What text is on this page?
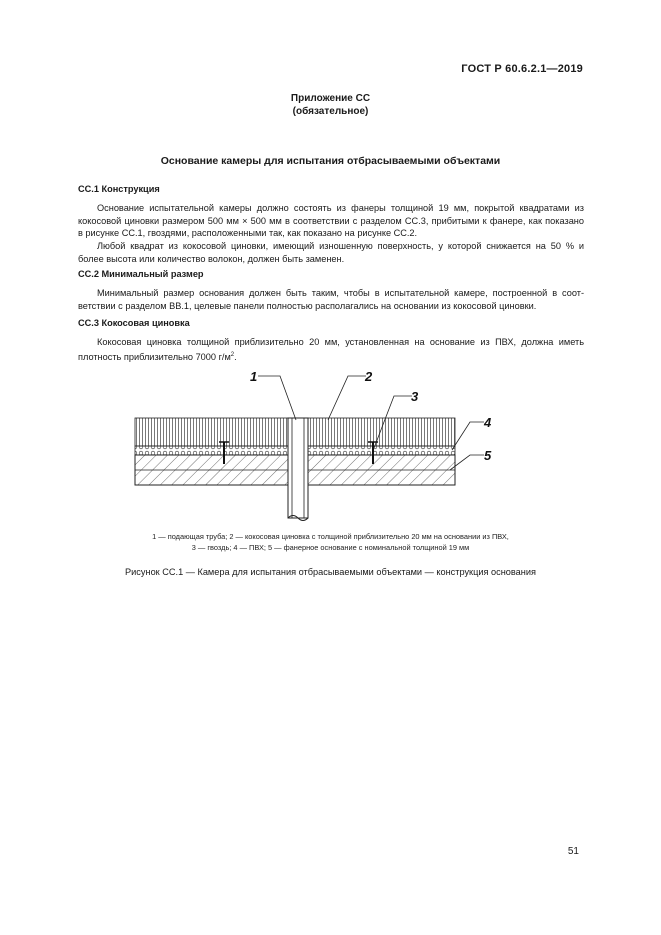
ГОСТ Р 60.6.2.1—2019
Приложение СС
(обязательное)
Основание камеры для испытания отбрасываемыми объектами
СС.1 Конструкция
Основание испытательной камеры должно состоять из фанеры толщиной 19 мм, покрытой квадратами из
кокосовой циновки размером 500 мм × 500 мм в соответствии с разделом СС.3, прибитыми к фанере, как показано
в рисунке СС.1, гвоздями, расположенными так, как показано на рисунке СС.2.
Любой квадрат из кокосовой циновки, имеющий изношенную поверхность, у которой снижается на 50 % и
более высота или количество волокон, должен быть заменен.
СС.2 Минимальный размер
Минимальный размер основания должен быть таким, чтобы в испытательной камере, построенной в соот-
ветствии с разделом ВВ.1, целевые панели полностью располагались на основании из кокосовой циновки.
СС.3 Кокосовая циновка
Кокосовая циновка толщиной приблизительно 20 мм, установленная на основание из ПВХ, должна иметь
плотность приблизительно 7000 $г/м^2$.
1	2
3
4
5
1 — подающая труба; 2 — кокосовая циновка с толщиной приблизительно 20 мм на основании из ПВХ,
3 — гвоздь; 4 — ПВХ; 5 — фанерное основание с номинальной толщиной 19 мм
Рисунок СС.1 — Камера для испытания отбрасываемыми объектами — конструкция основания
51
